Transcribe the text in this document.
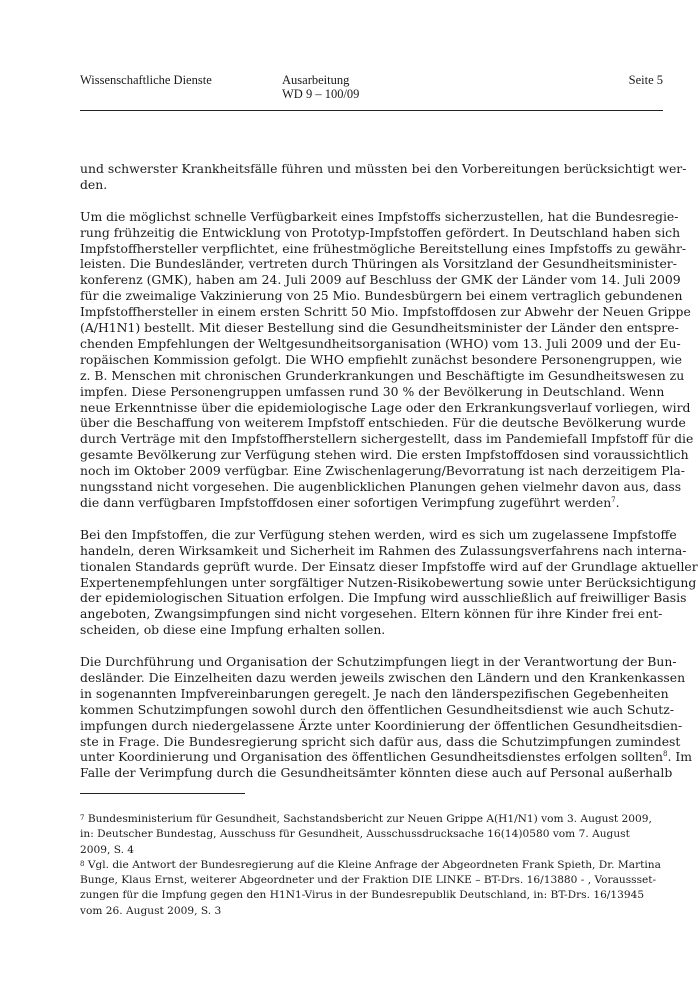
Wissenschaftliche Dienste	Ausarbeitung
WD 9 – 100/09
Seite 5

und schwerster Krankheitsfälle führen und müssten bei den Vorbereitungen berücksichtigt wer-
den.

Um die möglichst schnelle Verfügbarkeit eines Impfstoffs sicherzustellen, hat die Bundesregie-
rung frühzeitig die Entwicklung von Prototyp-Impfstoffen gefördert. In Deutschland haben sich
Impfstoffhersteller verpflichtet, eine frühestmögliche Bereitstellung eines Impfstoffs zu gewähr-
leisten. Die Bundesländer, vertreten durch Thüringen als Vorsitzland der Gesundheitsminister-
konferenz (GMK), haben am 24. Juli 2009 auf Beschluss der GMK der Länder vom 14. Juli 2009
für die zweimalige Vakzinierung von 25 Mio. Bundesbürgern bei einem vertraglich gebundenen
Impfstoffhersteller in einem ersten Schritt 50 Mio. Impfstoffdosen zur Abwehr der Neuen Grippe
(A/H1N1) bestellt. Mit dieser Bestellung sind die Gesundheitsminister der Länder den entspre-
chenden Empfehlungen der Weltgesundheitsorganisation (WHO) vom 13. Juli 2009 und der Eu-
ropäischen Kommission gefolgt. Die WHO empfiehlt zunächst besondere Personengruppen, wie
z. B. Menschen mit chronischen Grunderkrankungen und Beschäftigte im Gesundheitswesen zu
impfen. Diese Personengruppen umfassen rund 30 % der Bevölkerung in Deutschland. Wenn
neue Erkenntnisse über die epidemiologische Lage oder den Erkrankungsverlauf vorliegen, wird
über die Beschaffung von weiterem Impfstoff entschieden. Für die deutsche Bevölkerung wurde
durch Verträge mit den Impfstoffherstellern sichergestellt, dass im Pandemiefall Impfstoff für die
gesamte Bevölkerung zur Verfügung stehen wird. Die ersten Impfstoffdosen sind voraussichtlich
noch im Oktober 2009 verfügbar. Eine Zwischenlagerung/Bevorratung ist nach derzeitigem Pla-
nungsstand nicht vorgesehen. Die augenblicklichen Planungen gehen vielmehr davon aus, dass
die dann verfügbaren Impfstoffdosen einer sofortigen Verimpfung zugeführt werden$^7$.

Bei den Impfstoffen, die zur Verfügung stehen werden, wird es sich um zugelassene Impfstoffe
handeln, deren Wirksamkeit und Sicherheit im Rahmen des Zulassungsverfahrens nach interna-
tionalen Standards geprüft wurde. Der Einsatz dieser Impfstoffe wird auf der Grundlage aktueller
Expertenempfehlungen unter sorgfältiger Nutzen-Risikobewertung sowie unter Berücksichtigung
der epidemiologischen Situation erfolgen. Die Impfung wird ausschließlich auf freiwilliger Basis
angeboten, Zwangsimpfungen sind nicht vorgesehen. Eltern können für ihre Kinder frei ent-
scheiden, ob diese eine Impfung erhalten sollen.

Die Durchführung und Organisation der Schutzimpfungen liegt in der Verantwortung der Bun-
desländer. Die Einzelheiten dazu werden jeweils zwischen den Ländern und den Krankenkassen
in sogenannten Impfvereinbarungen geregelt. Je nach den länderspezifischen Gegebenheiten
kommen Schutzimpfungen sowohl durch den öffentlichen Gesundheitsdienst wie auch Schutz-
impfungen durch niedergelassene Ärzte unter Koordinierung der öffentlichen Gesundheitsdien-
ste in Frage. Die Bundesregierung spricht sich dafür aus, dass die Schutzimpfungen zumindest
unter Koordinierung und Organisation des öffentlichen Gesundheitsdienstes erfolgen sollten$^8$. Im
Falle der Verimpfung durch die Gesundheitsämter könnten diese auch auf Personal außerhalb

$^7$ Bundesministerium für Gesundheit, Sachstandsbericht zur Neuen Grippe A(H1/N1) vom 3. August 2009,
in: Deutscher Bundestag, Ausschuss für Gesundheit, Ausschussdrucksache 16(14)0580 vom 7. August
2009, S. 4

$^8$ Vgl. die Antwort der Bundesregierung auf die Kleine Anfrage der Abgeordneten Frank Spieth, Dr. Martina
Bunge, Klaus Ernst, weiterer Abgeordneter und der Fraktion DIE LINKE – BT-Drs. 16/13880 - , Voraussset-
zungen für die Impfung gegen den H1N1-Virus in der Bundesrepublik Deutschland, in: BT-Drs. 16/13945
vom 26. August 2009, S. 3
